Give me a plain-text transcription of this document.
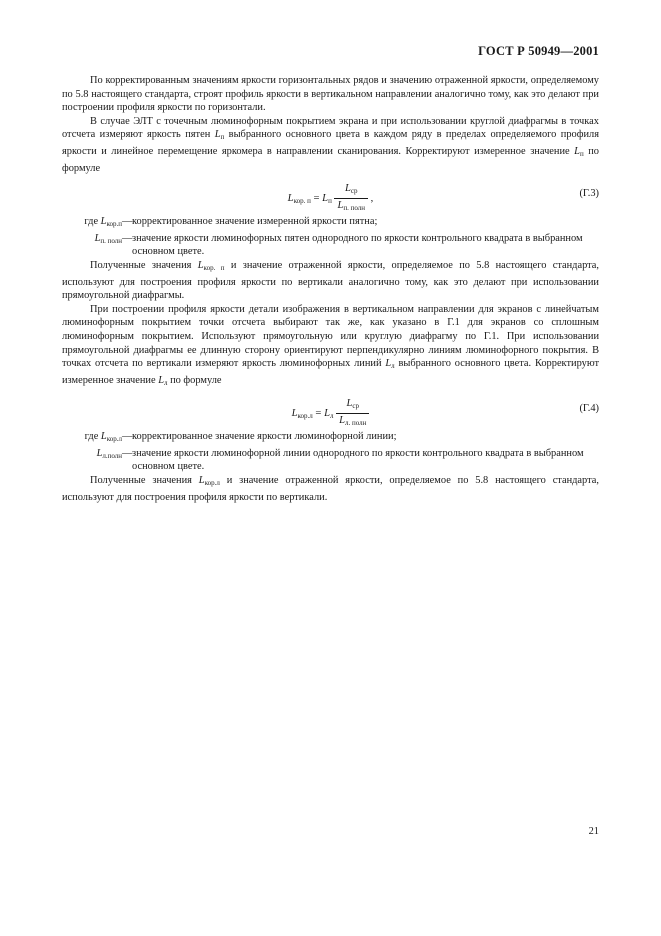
ГОСТ Р 50949—2001

По корректированным значениям яркости горизонтальных рядов и значению отраженной яркости, определяемому по 5.8 настоящего стандарта, строят профиль яркости в вертикальном направлении аналогично тому, как это делают при построении профиля яркости по горизонтали.

В случае ЭЛТ с точечным люминофорным покрытием экрана и при использовании круглой диафрагмы в точках отсчета измеряют яркость пятен $L_п$ выбранного основного цвета в каждом ряду в пределах определяемого профиля яркости и линейное перемещение яркомера в направлении сканирования. Корректируют измеренное значение $L_п$ по формуле

$L_{кор. п} = L_п \frac{L_{ср}}{L_{п. полн}}$ ,	(Г.3)
где $L_{кор.п}$ — корректированное значение измеренной яркости пятна;
$L_{п. полн}$ — значение яркости люминофорных пятен однородного по яркости контрольного квадрата в выбранном основном цвете.

Полученные значения $L_{кор. п}$ и значение отраженной яркости, определяемое по 5.8 настоящего стандарта, используют для построения профиля яркости по вертикали аналогично тому, как это делают при использовании прямоугольной диафрагмы.

При построении профиля яркости детали изображения в вертикальном направлении для экранов с линейчатым люминофорным покрытием точки отсчета выбирают так же, как указано в Г.1 для экранов со сплошным люминофорным покрытием. Используют прямоугольную или круглую диафрагму по Г.1. При использовании прямоугольной диафрагмы ее длинную сторону ориентируют перпендикулярно линиям люминофорного покрытия. В точках отсчета по вертикали измеряют яркость люминофорных линий $L_л$ выбранного основного цвета. Корректируют измеренное значение $L_л$ по формуле

$L_{кор.л} = L_л \frac{L_{ср}}{L_{л. полн}}$	(Г.4)
где $L_{кор.л}$ — корректированное значение яркости люминофорной линии;
$L_{л.полн}$ — значение яркости люминофорной линии однородного по яркости контрольного квадрата в выбранном основном цвете.

Полученные значения $L_{кор.л}$ и значение отраженной яркости, определяемое по 5.8 настоящего стандарта, используют для построения профиля яркости по вертикали.

21
